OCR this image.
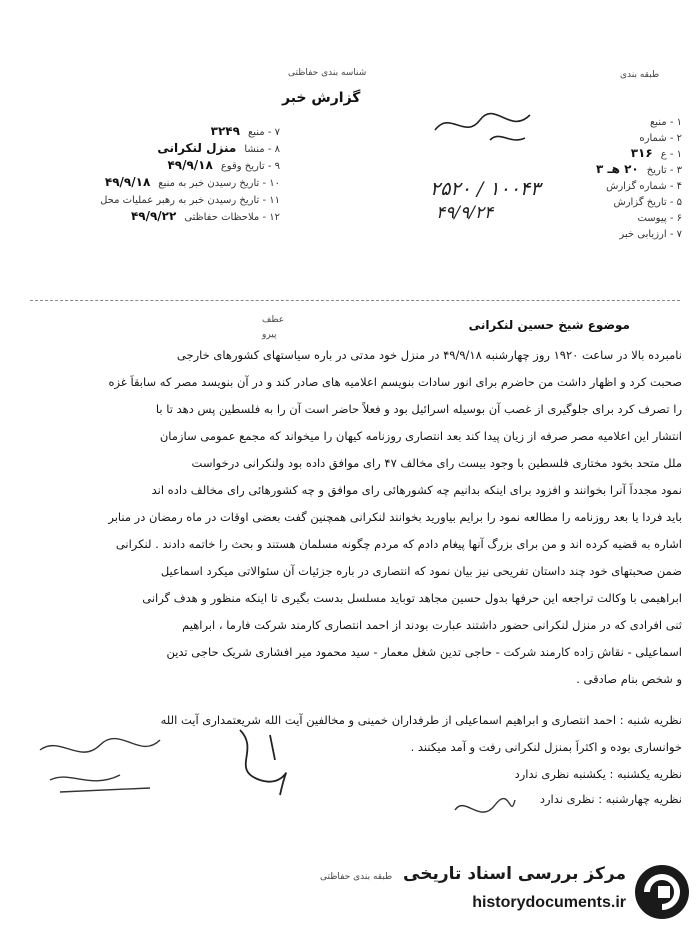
شناسه بندی حفاظتی
گزارش خبر
طبقه بندی
۱ - منبع
۲ - شماره
۱ - ع۳۱۶
۳ - تاریخ۲۰ هـ ۳
۴ - شماره گزارش
۵ - تاریخ گزارش
۶ - پیوست
۷ - ارزیابی خبر
۷ - منبع۳۲۴۹
۸ - منشامنزل لنکرانی
۹ - تاریخ وقوع۴۹/۹/۱۸
۱۰ - تاریخ رسیدن خبر به منبع۴۹/۹/۱۸
۱۱ - تاریخ رسیدن خبر به رهبر عملیات محل
۱۲ - ملاحظات حفاظتی۴۹/۹/۲۲
۲۵۲۰ / ۱۰۰۴۳
۴۹/۹/۲۴
عطف
پیرو
موضوع شیخ حسین لنکرانی
نامبرده بالا در ساعت ۱۹۲۰ روز چهارشنبه ۴۹/۹/۱۸ در منزل خود مدتی در باره سیاستهای کشورهای خارجی
صحبت کرد و اظهار داشت من حاضرم برای انور سادات بنویسم اعلامیه های صادر کند و در آن بنویسد مصر که سابقاً غزه
را تصرف کرد برای جلوگیری از غصب آن بوسیله اسرائیل بود و فعلاً حاضر است آن را به فلسطین پس دهد تا با
انتشار این اعلامیه مصر صرفه از زیان پیدا کند بعد انتصاری روزنامه کیهان را میخواند که مجمع عمومی سازمان
ملل متحد بخود مختاری فلسطین با وجود بیست رای مخالف ۴۷ رای موافق داده بود ولنکرانی درخواست
نمود مجدداً آنرا بخوانند و افزود برای اینکه بدانیم چه کشورهائی رای موافق و چه کشورهائی رای مخالف داده اند
باید فردا یا بعد روزنامه را مطالعه نمود را برایم بیاورید بخوانند لنکرانی همچنین گفت بعضی اوقات در ماه رمضان در منابر
اشاره به قضیه کرده اند و من برای بزرگ آنها پیغام دادم که مردم چگونه مسلمان هستند و بحث را خاتمه دادند . لنکرانی
ضمن صحبتهای خود چند داستان تفریحی نیز بیان نمود که انتصاری در باره جزئیات آن سئوالاتی میکرد اسماعیل
ابراهیمی با وکالت تراجعه این حرفها بدول حسین مجاهد توباید مسلسل بدست بگیری تا اینکه منظور و هدف گرانی
ثنی افرادی که در منزل لنکرانی حضور داشتند عبارت بودند از احمد انتصاری کارمند شرکت فارما ، ابراهیم
اسماعیلی - نقاش زاده کارمند شرکت - حاجی تدین شغل معمار - سید محمود میر افشاری شریک حاجی تدین
و شخص بنام صادقی .
نظریه شنبه : احمد انتصاری و ابراهیم اسماعیلی از طرفداران خمینی و مخالفین آیت الله شریعتمداری آیت الله
خوانساری بوده و اکثراً بمنزل لنکرانی رفت و آمد میکنند .
نظریه یکشنبه : یکشنبه نظری ندارد
نظریه چهارشنبه : نظری ندارد
طبقه بندی حفاظتی مرکز بررسی اسناد تاریخی
historydocuments.ir
